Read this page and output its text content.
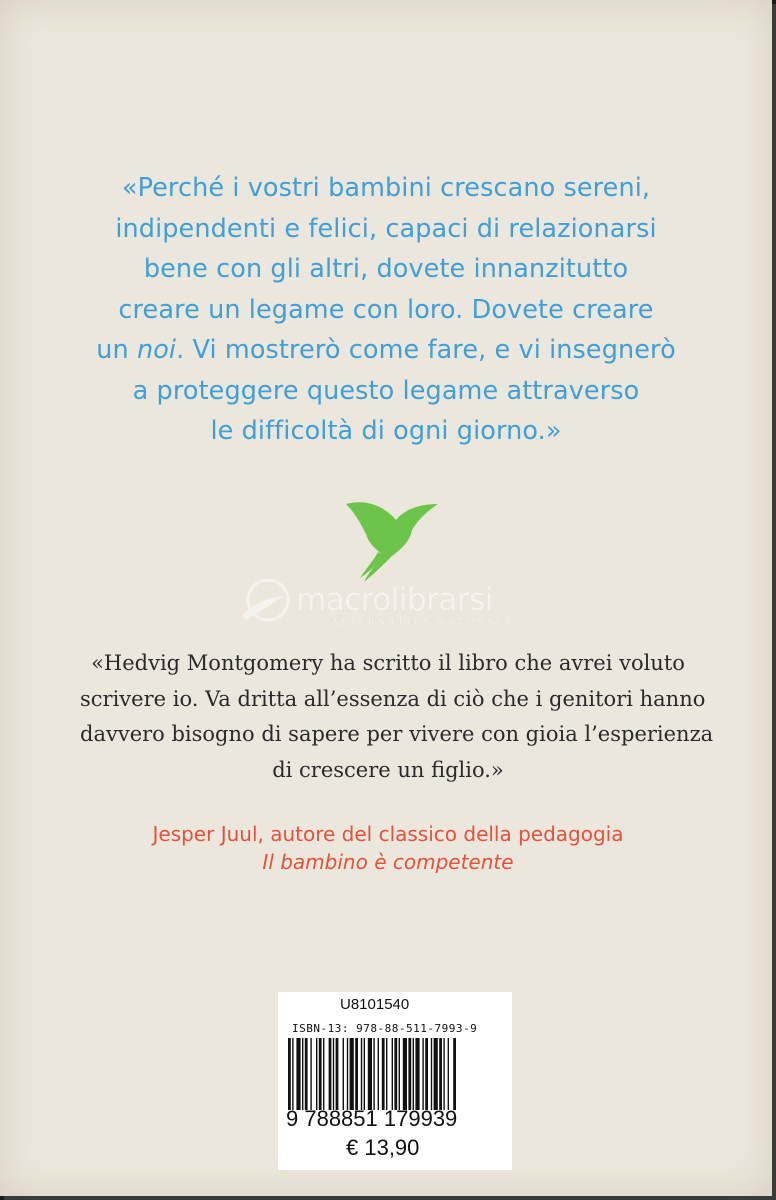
«Perché i vostri bambini crescano sereni,
indipendenti e felici, capaci di relazionarsi
bene con gli altri, dovete innanzitutto
creare un legame con loro. Dovete creare
un noi. Vi mostrerò come fare, e vi insegnerò
a proteggere questo legame attraverso
le difficoltà di ogni giorno.»
macrolibrarsi
ALTERNATIVA NATURALE
«Hedvig Montgomery ha scritto il libro che avrei voluto
scrivere io. Va dritta all’essenza di ciò che i genitori hanno
davvero bisogno di sapere per vivere con gioia l’esperienza
di crescere un figlio.»
Jesper Juul, autore del classico della pedagogia
Il bambino è competente
U8101540
ISBN-13: 978-88-511-7993-9
9 788851 179939
€ 13,90
